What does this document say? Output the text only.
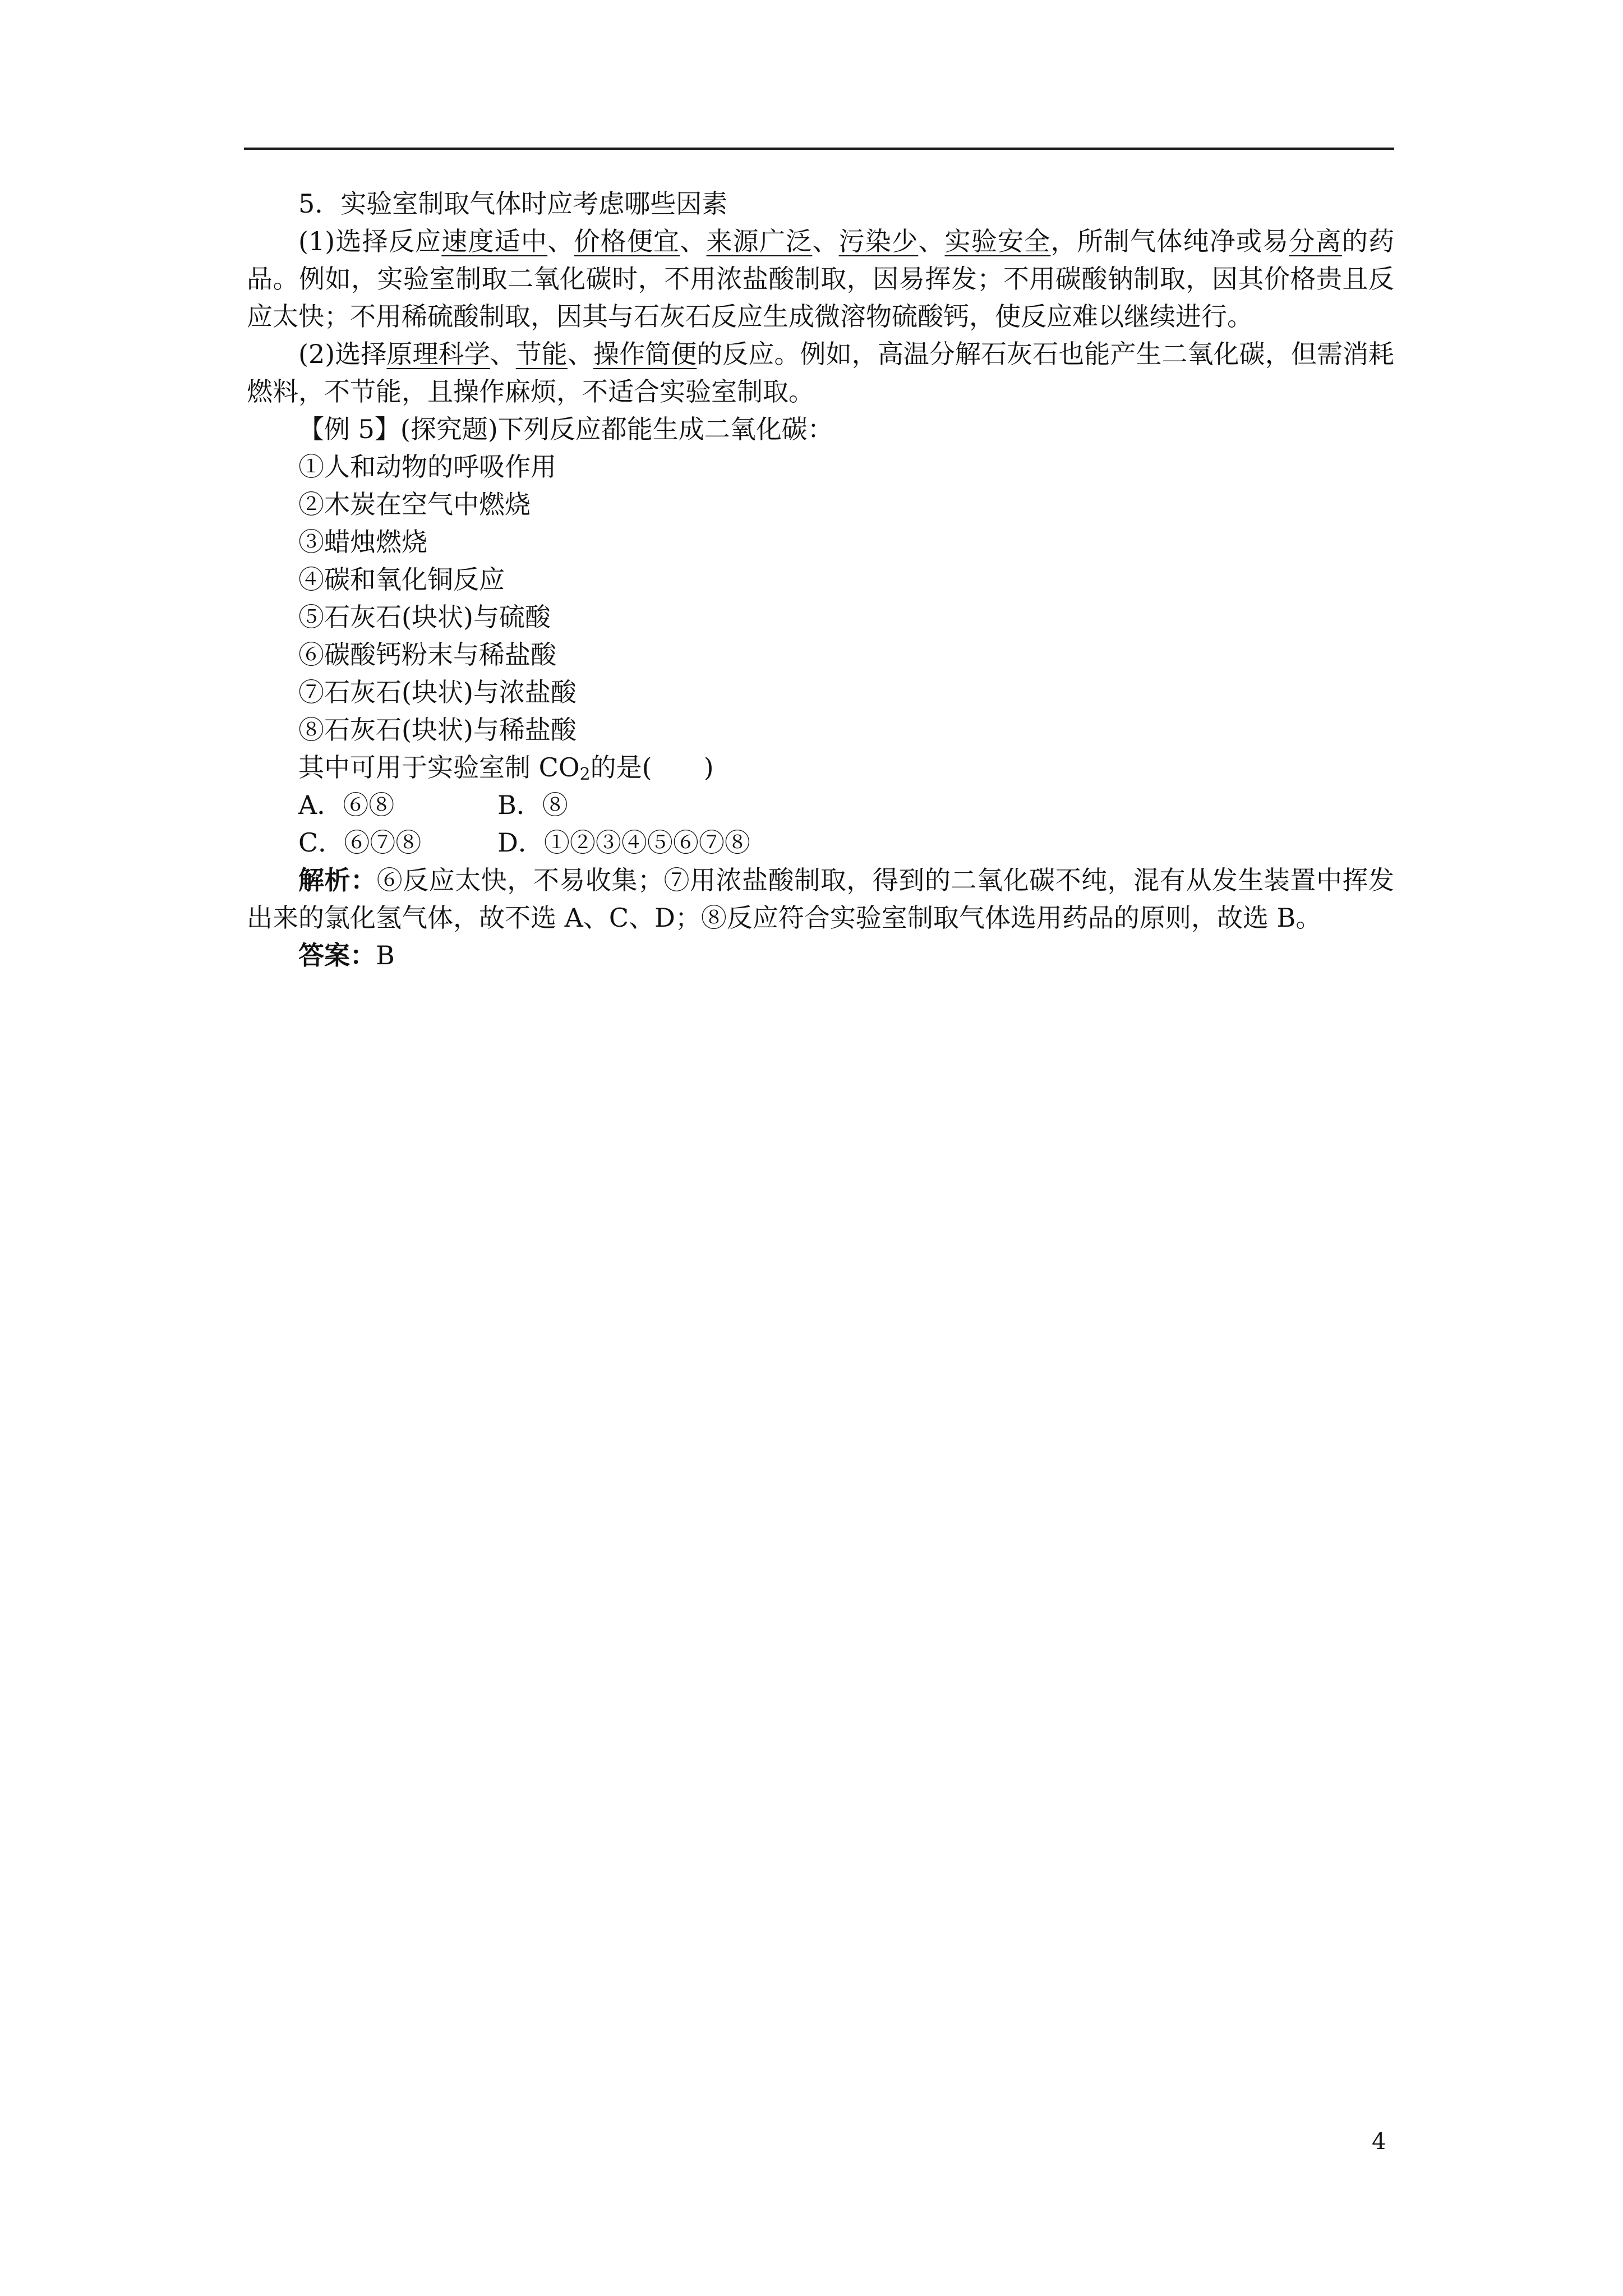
5．实验室制取气体时应考虑哪些因素

(1)选择反应速度适中、价格便宜、来源广泛、污染少、实验安全，所制气体纯净或易分离的药品。例如，实验室制取二氧化碳时，不用浓盐酸制取，因易挥发；不用碳酸钠制取，因其价格贵且反应太快；不用稀硫酸制取，因其与石灰石反应生成微溶物硫酸钙，使反应难以继续进行。

(2)选择原理科学、节能、操作简便的反应。例如，高温分解石灰石也能产生二氧化碳，但需消耗燃料，不节能，且操作麻烦，不适合实验室制取。

【例 5】(探究题)下列反应都能生成二氧化碳：

①人和动物的呼吸作用

②木炭在空气中燃烧

③蜡烛燃烧

④碳和氧化铜反应

⑤石灰石(块状)与硫酸

⑥碳酸钙粉末与稀盐酸

⑦石灰石(块状)与浓盐酸

⑧石灰石(块状)与稀盐酸

其中可用于实验室制 $CO_2$的是(　　)

A．⑥⑧	B．⑧

C．⑥⑦⑧	D．①②③④⑤⑥⑦⑧

解析：⑥反应太快，不易收集；⑦用浓盐酸制取，得到的二氧化碳不纯，混有从发生装置中挥发出来的氯化氢气体，故不选 A、C、D；⑧反应符合实验室制取气体选用药品的原则，故选 B。

答案：B

4
